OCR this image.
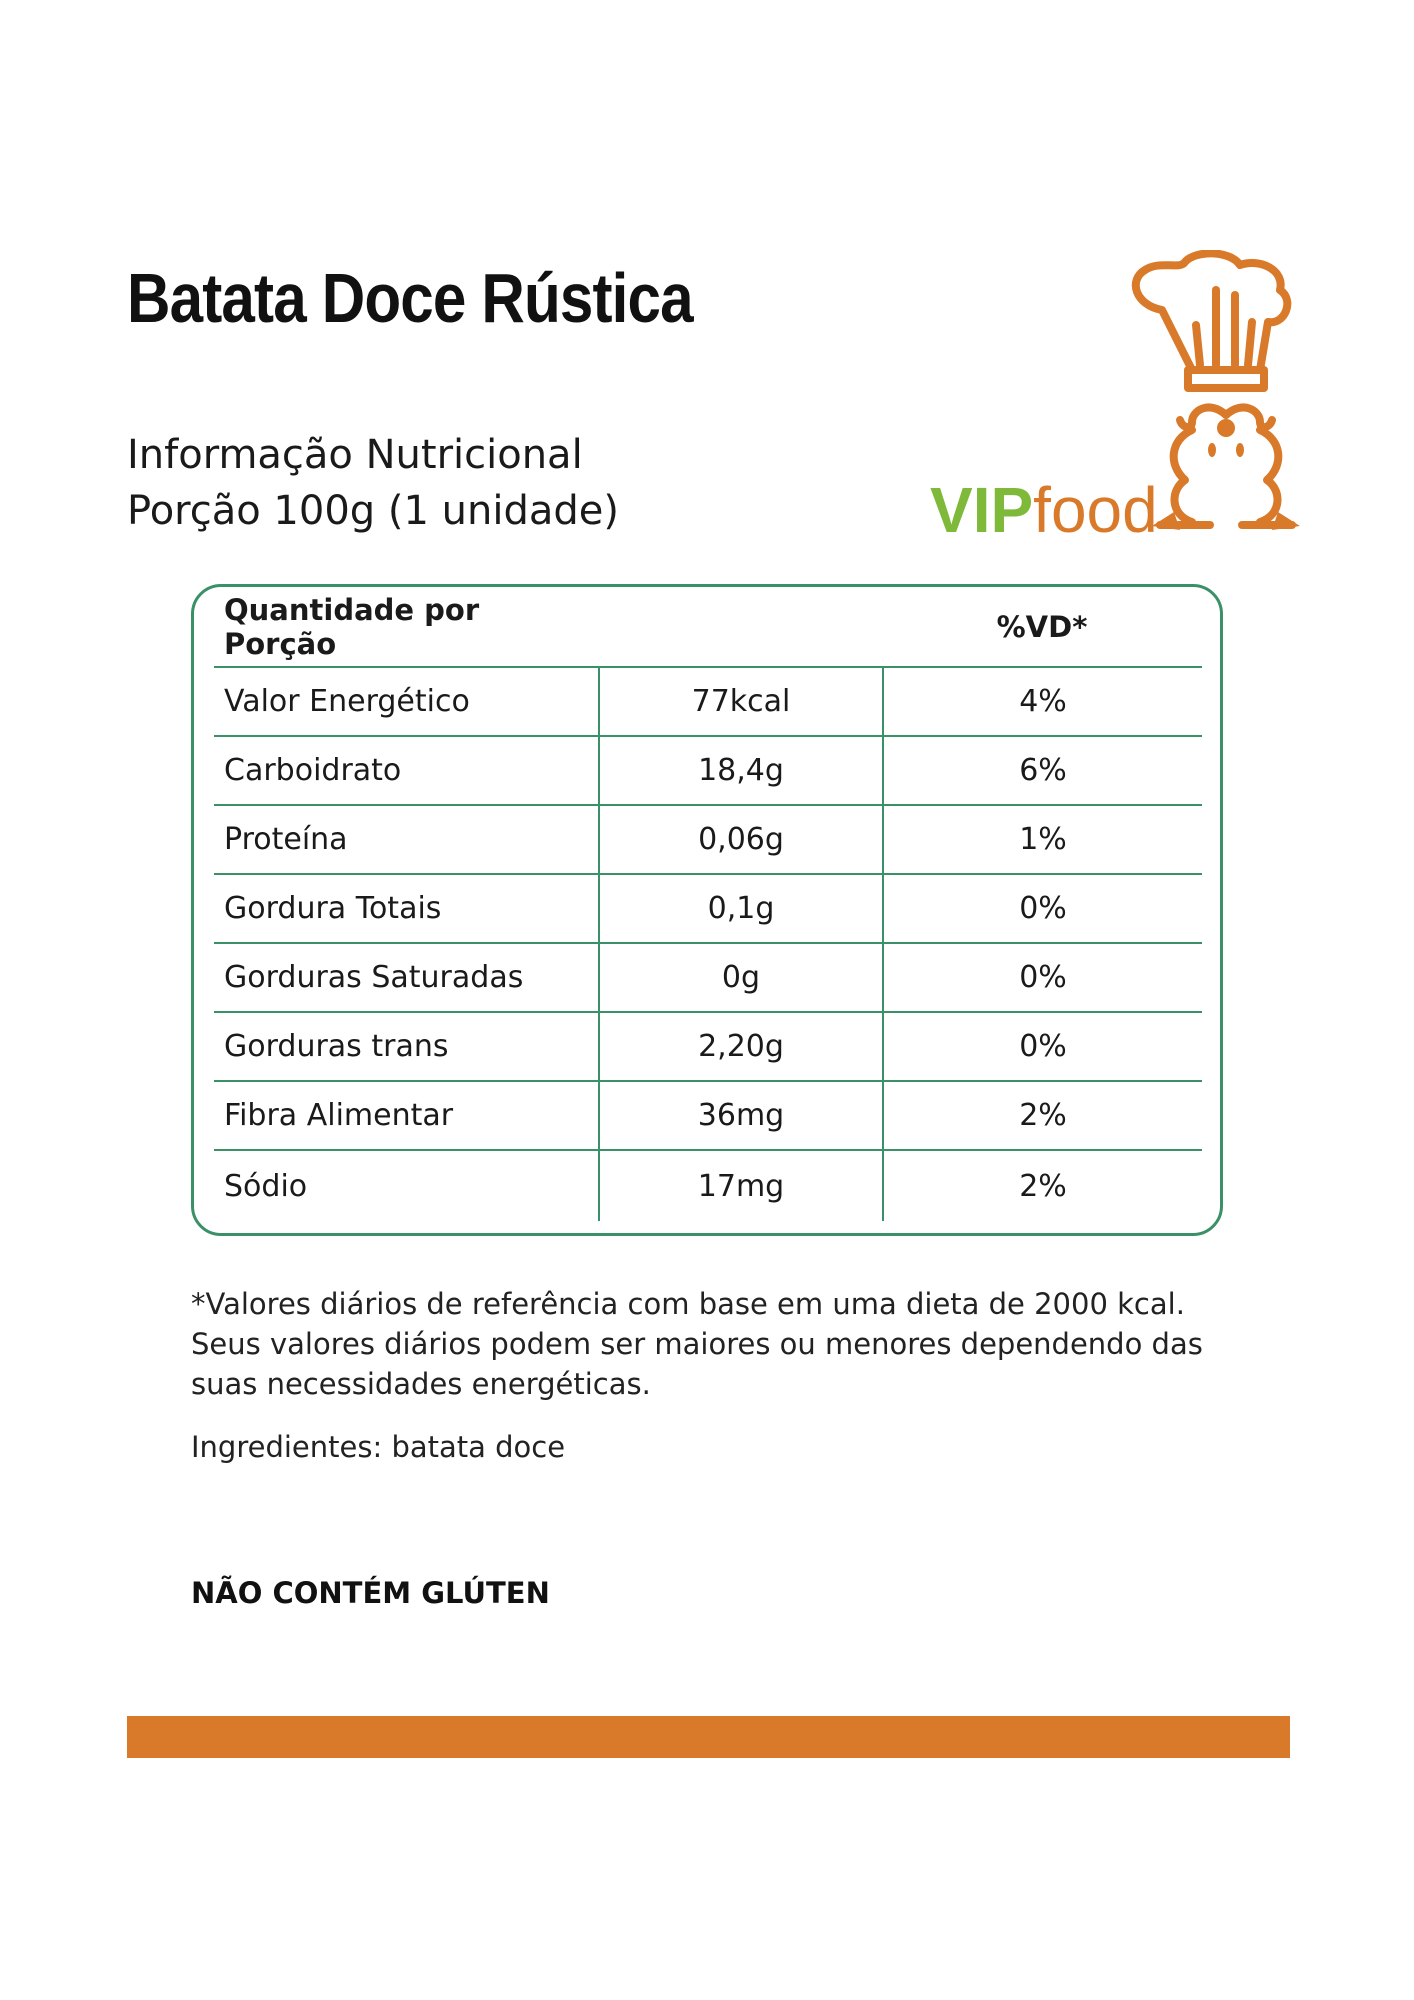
Batata Doce Rústica
Informação Nutricional
Porção 100g (1 unidade)	VIPfood
Quantidade por Porção	%VD*
Valor Energético	77kcal	4%
Carboidrato	18,4g	6%
Proteína	0,06g	1%
Gordura Totais	0,1g	0%
Gorduras Saturadas	0g	0%
Gorduras trans	2,20g	0%
Fibra Alimentar	36mg	2%
Sódio	17mg	2%
*Valores diários de referência com base em uma dieta de 2000 kcal. Seus valores diários podem ser maiores ou menores dependendo das suas necessidades energéticas.
Ingredientes: batata doce
NÃO CONTÉM GLÚTEN
